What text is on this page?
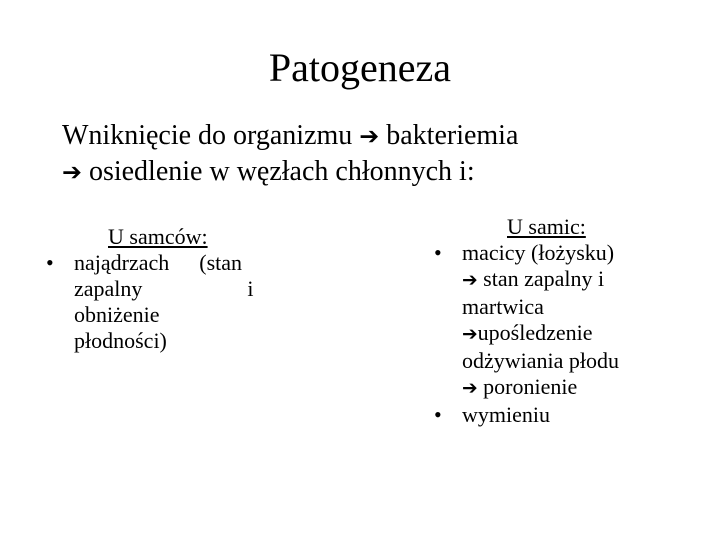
Patogeneza
Wniknięcie do organizmu ➔ bakteriemia
➔ osiedlenie w węzłach chłonnych i:
U samców:
• najądrzach (stan
zapalny	i
obniżenie
płodności)
U samic:
• macicy (łożysku)
➔ stan zapalny i
martwica
➔upośledzenie
odżywiania płodu
➔ poronienie
• wymieniu
